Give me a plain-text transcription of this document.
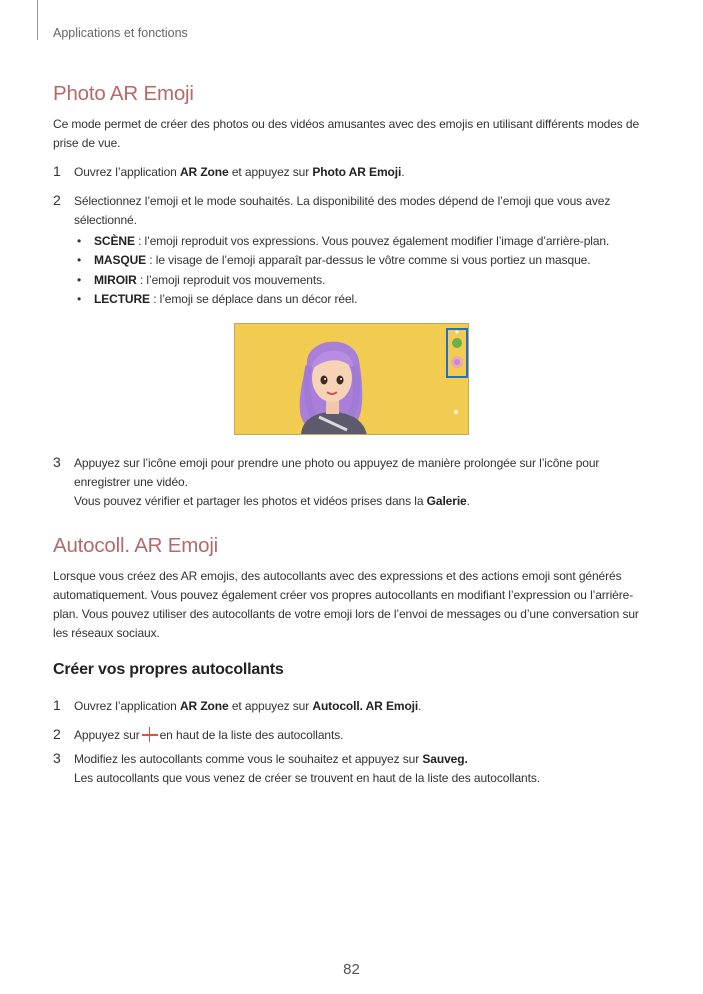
Applications et fonctions
Photo AR Emoji
Ce mode permet de créer des photos ou des vidéos amusantes avec des emojis en utilisant différents modes de prise de vue.
1 Ouvrez l’application AR Zone et appuyez sur Photo AR Emoji.
2 Sélectionnez l’emoji et le mode souhaités. La disponibilité des modes dépend de l’emoji que vous avez sélectionné.
• SCÈNE : l’emoji reproduit vos expressions. Vous pouvez également modifier l’image d’arrière-plan.
• MASQUE : le visage de l’emoji apparaît par-dessus le vôtre comme si vous portiez un masque.
• MIROIR : l’emoji reproduit vos mouvements.
• LECTURE : l’emoji se déplace dans un décor réel.
3 Appuyez sur l’icône emoji pour prendre une photo ou appuyez de manière prolongée sur l’icône pour enregistrer une vidéo.
Vous pouvez vérifier et partager les photos et vidéos prises dans la Galerie.
Autocoll. AR Emoji
Lorsque vous créez des AR emojis, des autocollants avec des expressions et des actions emoji sont générés automatiquement. Vous pouvez également créer vos propres autocollants en modifiant l’expression ou l’arrière-plan. Vous pouvez utiliser des autocollants de votre emoji lors de l’envoi de messages ou d’une conversation sur les réseaux sociaux.
Créer vos propres autocollants
1 Ouvrez l’application AR Zone et appuyez sur Autocoll. AR Emoji.
2 Appuyez sur en haut de la liste des autocollants.
3 Modifiez les autocollants comme vous le souhaitez et appuyez sur Sauveg.
Les autocollants que vous venez de créer se trouvent en haut de la liste des autocollants.
82
